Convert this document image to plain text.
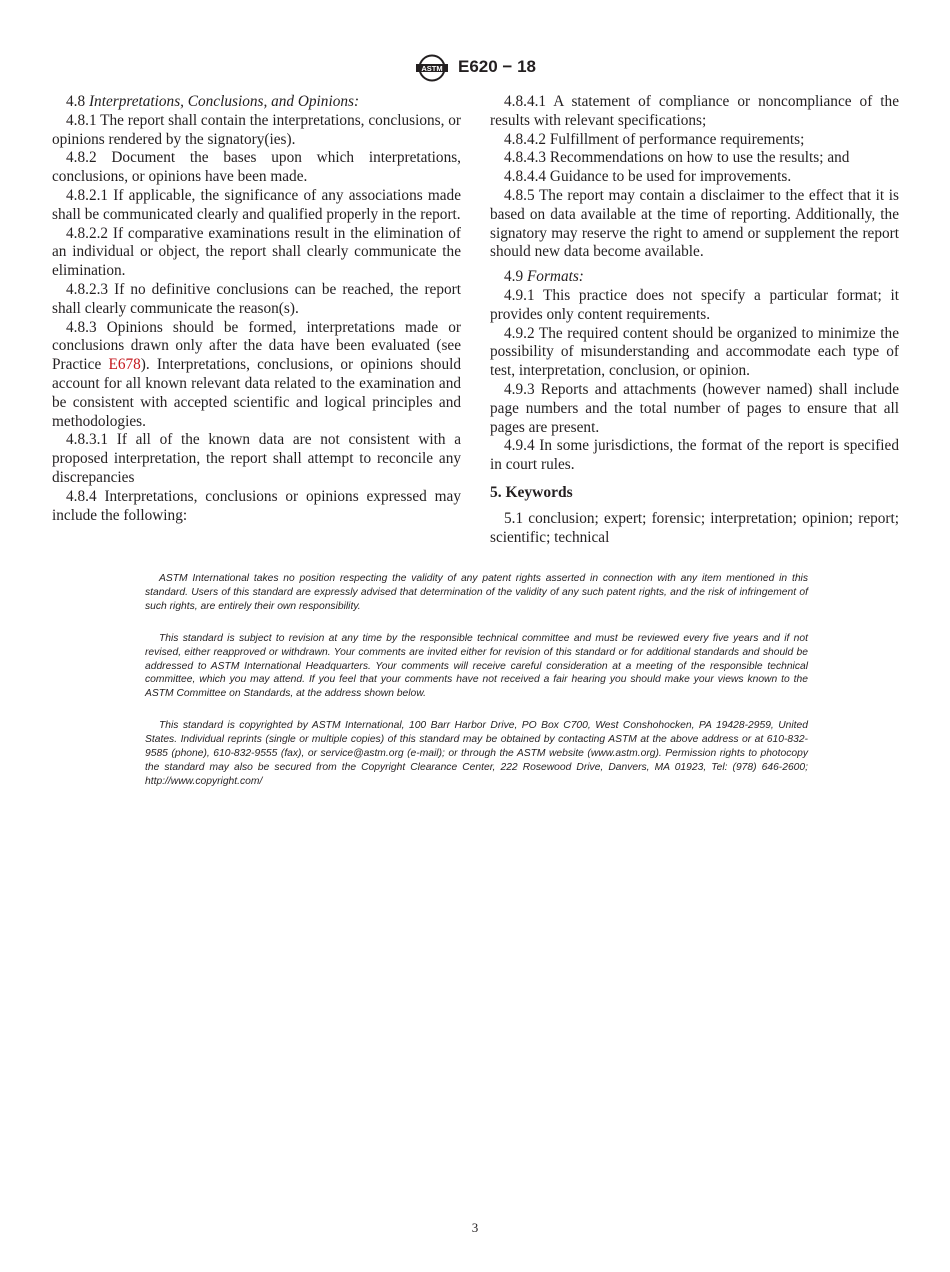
ASTM E620 − 18

4.8 Interpretations, Conclusions, and Opinions:

4.8.1 The report shall contain the interpretations, conclusions, or opinions rendered by the signatory(ies).

4.8.2 Document the bases upon which interpretations, conclusions, or opinions have been made.

4.8.2.1 If applicable, the significance of any associations made shall be communicated clearly and qualified properly in the report.

4.8.2.2 If comparative examinations result in the elimination of an individual or object, the report shall clearly communicate the elimination.

4.8.2.3 If no definitive conclusions can be reached, the report shall clearly communicate the reason(s).

4.8.3 Opinions should be formed, interpretations made or conclusions drawn only after the data have been evaluated (see Practice E678). Interpretations, conclusions, or opinions should account for all known relevant data related to the examination and be consistent with accepted scientific and logical principles and methodologies.

4.8.3.1 If all of the known data are not consistent with a proposed interpretation, the report shall attempt to reconcile any discrepancies

4.8.4 Interpretations, conclusions or opinions expressed may include the following:

4.8.4.1 A statement of compliance or noncompliance of the results with relevant specifications;

4.8.4.2 Fulfillment of performance requirements;

4.8.4.3 Recommendations on how to use the results; and

4.8.4.4 Guidance to be used for improvements.

4.8.5 The report may contain a disclaimer to the effect that it is based on data available at the time of reporting. Additionally, the signatory may reserve the right to amend or supplement the report should new data become available.

4.9 Formats:

4.9.1 This practice does not specify a particular format; it provides only content requirements.

4.9.2 The required content should be organized to minimize the possibility of misunderstanding and accommodate each type of test, interpretation, conclusion, or opinion.

4.9.3 Reports and attachments (however named) shall include page numbers and the total number of pages to ensure that all pages are present.

4.9.4 In some jurisdictions, the format of the report is specified in court rules.

5. Keywords

5.1 conclusion; expert; forensic; interpretation; opinion; report; scientific; technical

ASTM International takes no position respecting the validity of any patent rights asserted in connection with any item mentioned in this standard. Users of this standard are expressly advised that determination of the validity of any such patent rights, and the risk of infringement of such rights, are entirely their own responsibility.

This standard is subject to revision at any time by the responsible technical committee and must be reviewed every five years and if not revised, either reapproved or withdrawn. Your comments are invited either for revision of this standard or for additional standards and should be addressed to ASTM International Headquarters. Your comments will receive careful consideration at a meeting of the responsible technical committee, which you may attend. If you feel that your comments have not received a fair hearing you should make your views known to the ASTM Committee on Standards, at the address shown below.

This standard is copyrighted by ASTM International, 100 Barr Harbor Drive, PO Box C700, West Conshohocken, PA 19428-2959, United States. Individual reprints (single or multiple copies) of this standard may be obtained by contacting ASTM at the above address or at 610-832-9585 (phone), 610-832-9555 (fax), or service@astm.org (e-mail); or through the ASTM website (www.astm.org). Permission rights to photocopy the standard may also be secured from the Copyright Clearance Center, 222 Rosewood Drive, Danvers, MA 01923, Tel: (978) 646-2600; http://www.copyright.com/

3
